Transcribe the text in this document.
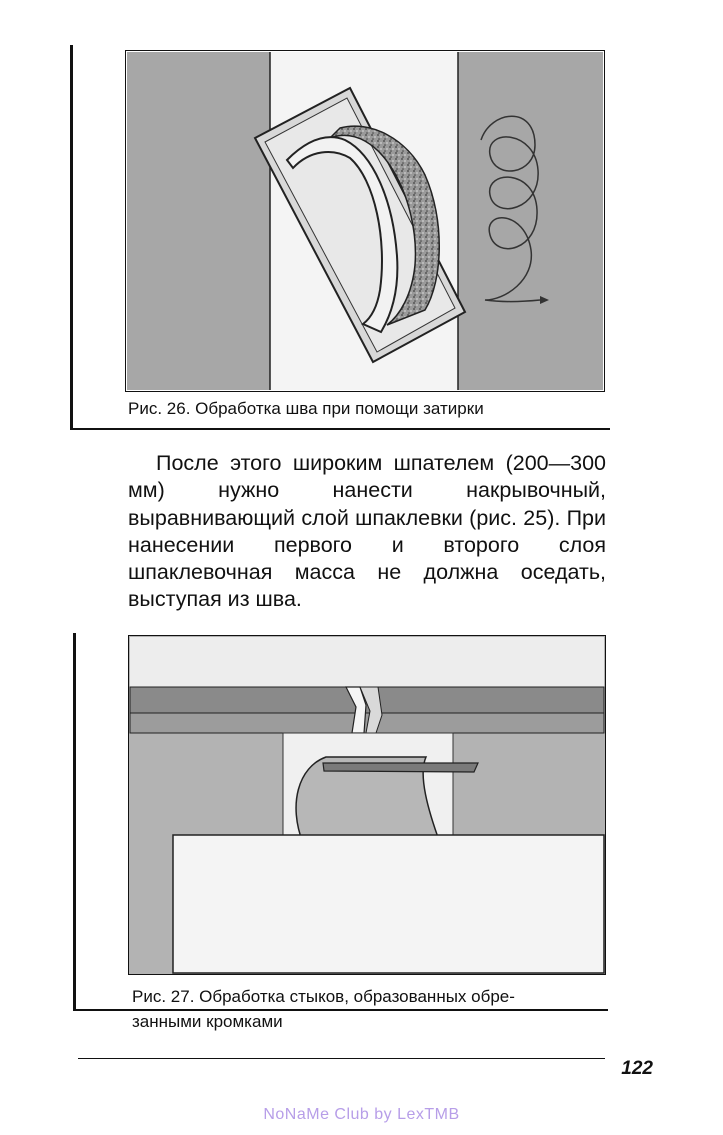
Рис. 26. Обработка шва при помощи затирки
После этого широким шпателем (200—300 мм) нужно нанести накрывочный, выравнивающий слой шпаклевки (рис. 25). При нанесении первого и второго слоя шпаклевочная масса не должна оседать, выступая из шва.
Рис. 27. Обработка стыков, образованных обре-
занными кромками
122
NoNaMe Club by LexTMB
